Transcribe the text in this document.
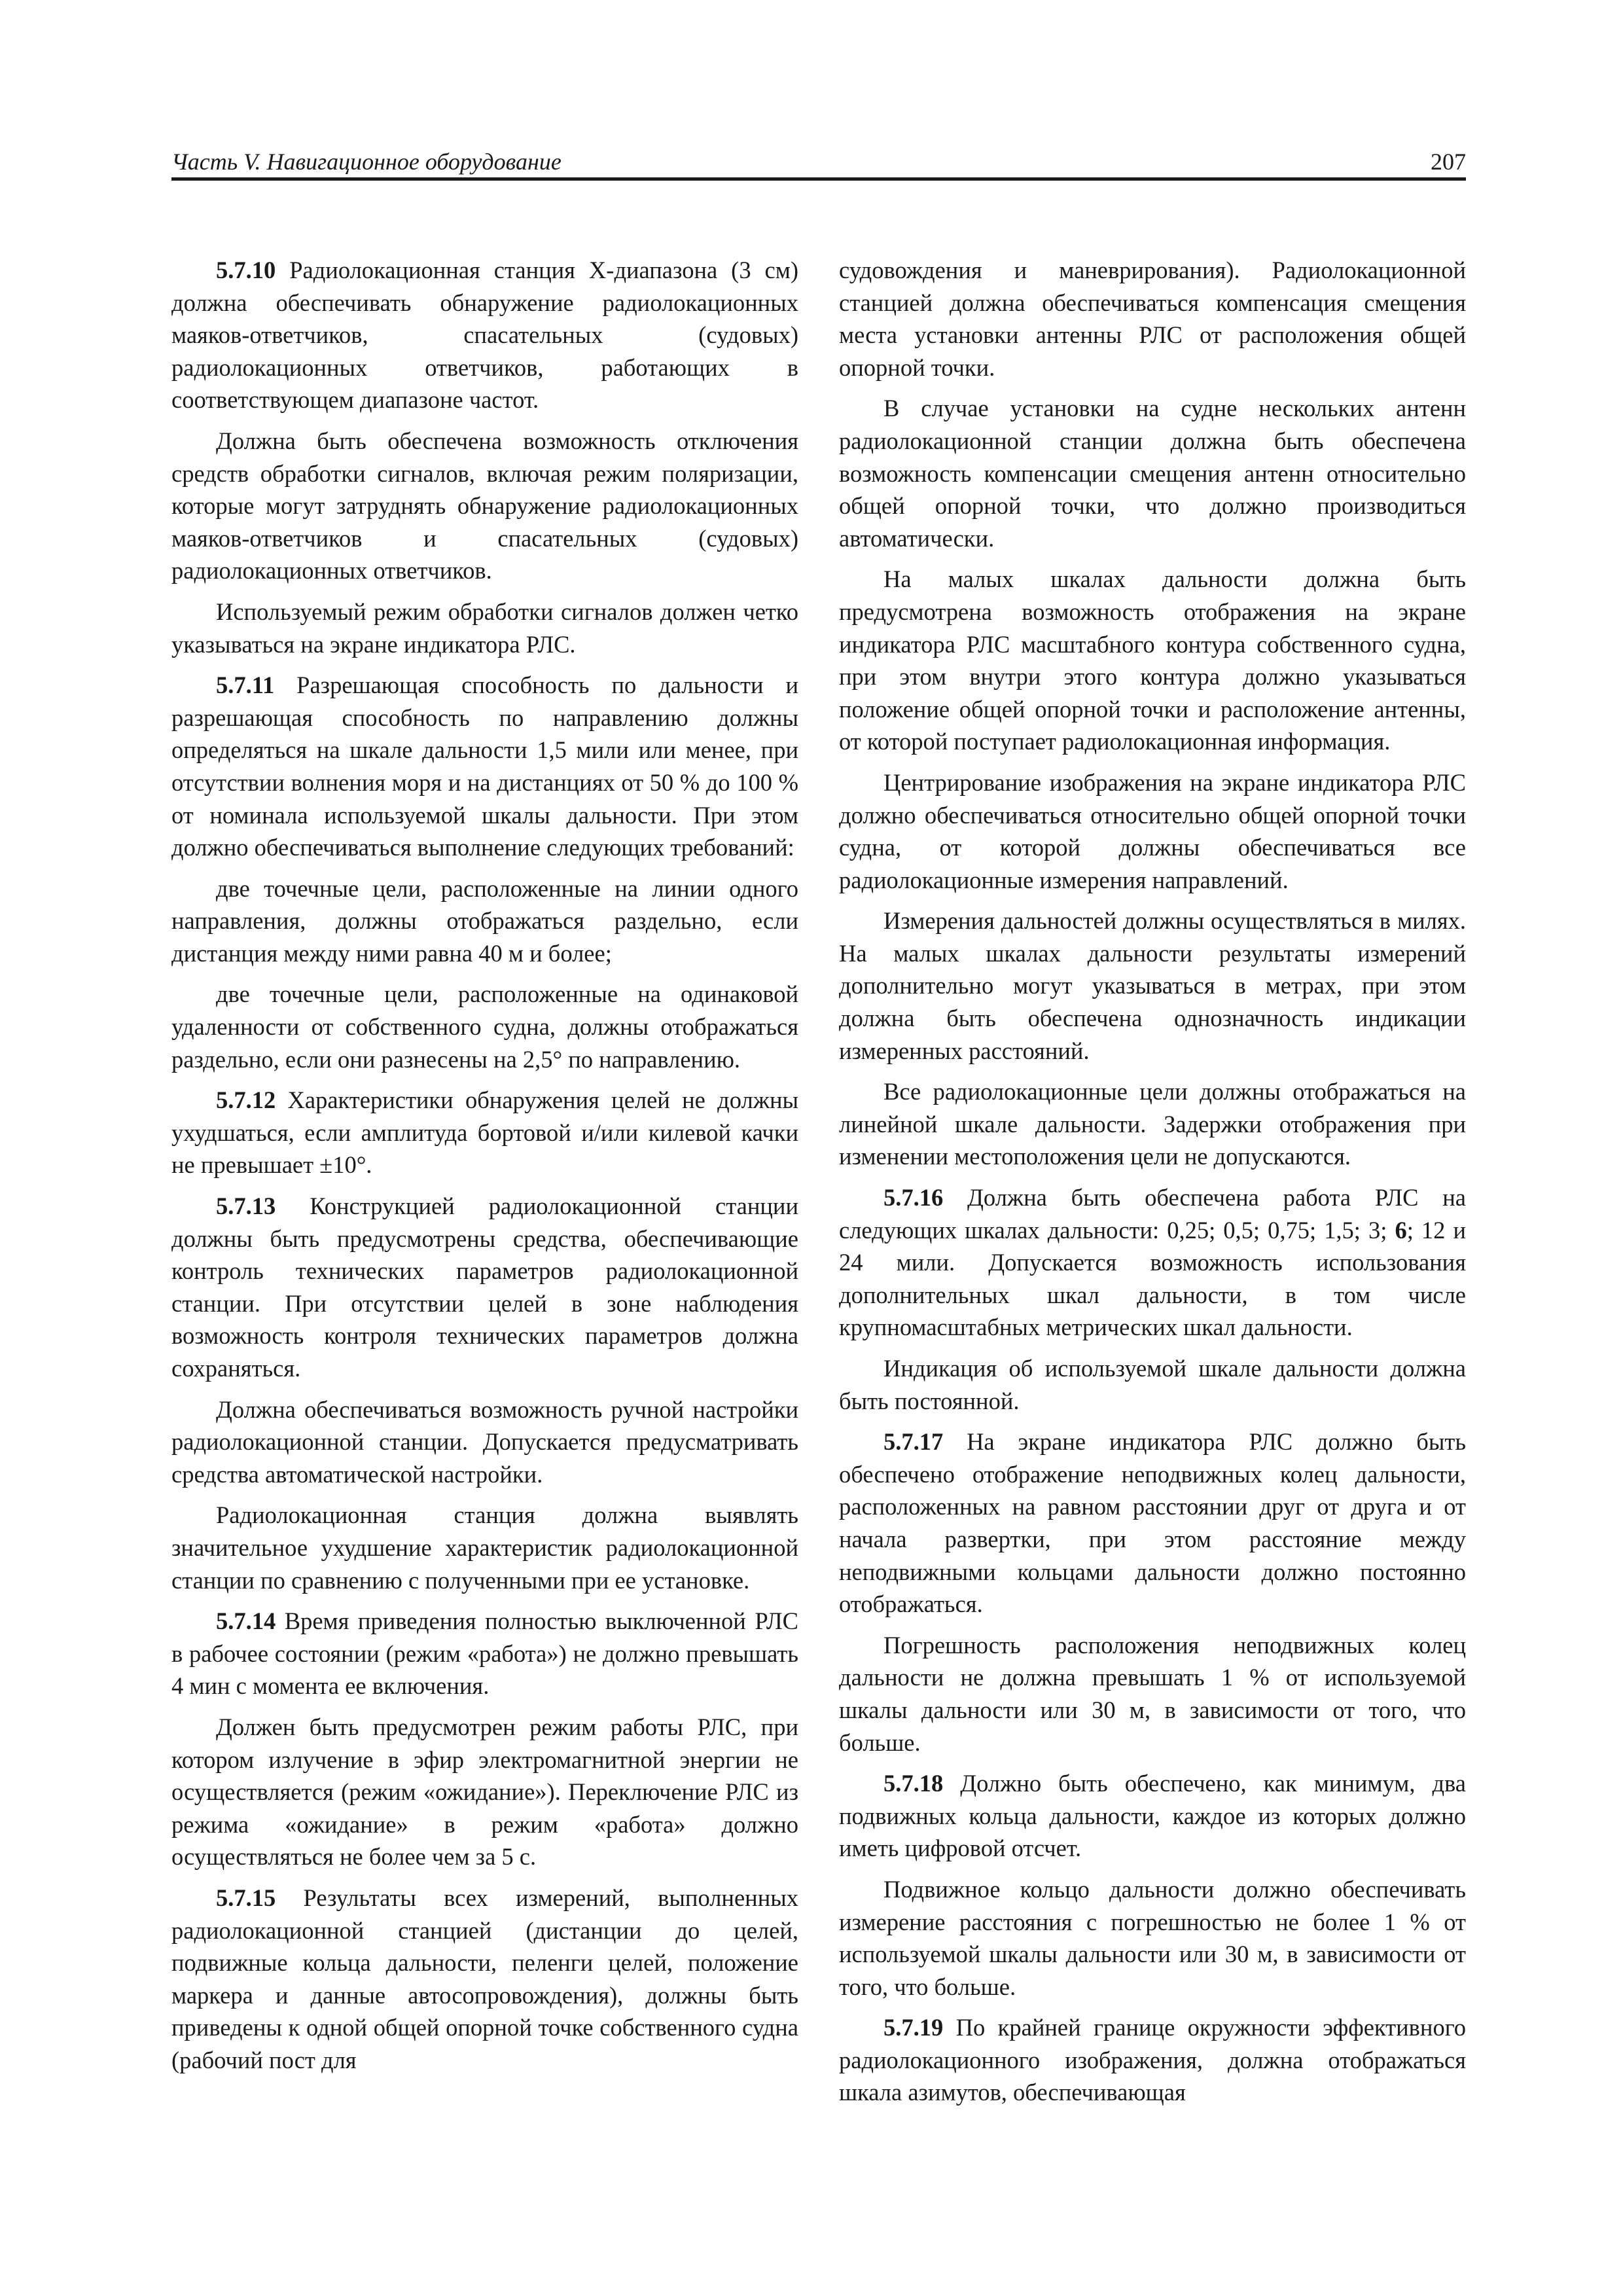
Часть V. Навигационное оборудование	207

5.7.10 Радиолокационная станция X-диапазона (3 см) должна обеспечивать обнаружение радиолокационных маяков-ответчиков, спасательных (судовых) радиолокационных ответчиков, работающих в соответствующем диапазоне частот.

Должна быть обеспечена возможность отключения средств обработки сигналов, включая режим поляризации, которые могут затруднять обнаружение радиолокационных маяков-ответчиков и спасательных (судовых) радиолокационных ответчиков.

Используемый режим обработки сигналов должен четко указываться на экране индикатора РЛС.

5.7.11 Разрешающая способность по дальности и разрешающая способность по направлению должны определяться на шкале дальности 1,5 мили или менее, при отсутствии волнения моря и на дистанциях от 50 % до 100 % от номинала используемой шкалы дальности. При этом должно обеспечиваться выполнение следующих требований:

две точечные цели, расположенные на линии одного направления, должны отображаться раздельно, если дистанция между ними равна 40 м и более;

две точечные цели, расположенные на одинаковой удаленности от собственного судна, должны отображаться раздельно, если они разнесены на 2,5° по направлению.

5.7.12 Характеристики обнаружения целей не должны ухудшаться, если амплитуда бортовой и/или килевой качки не превышает ±10°.

5.7.13 Конструкцией радиолокационной станции должны быть предусмотрены средства, обеспечивающие контроль технических параметров радиолокационной станции. При отсутствии целей в зоне наблюдения возможность контроля технических параметров должна сохраняться.

Должна обеспечиваться возможность ручной настройки радиолокационной станции. Допускается предусматривать средства автоматической настройки.

Радиолокационная станция должна выявлять значительное ухудшение характеристик радиолокационной станции по сравнению с полученными при ее установке.

5.7.14 Время приведения полностью выключенной РЛС в рабочее состоянии (режим «работа») не должно превышать 4 мин с момента ее включения.

Должен быть предусмотрен режим работы РЛС, при котором излучение в эфир электромагнитной энергии не осуществляется (режим «ожидание»). Переключение РЛС из режима «ожидание» в режим «работа» должно осуществляться не более чем за 5 с.

5.7.15 Результаты всех измерений, выполненных радиолокационной станцией (дистанции до целей, подвижные кольца дальности, пеленги целей, положение маркера и данные автосопровождения), должны быть приведены к одной общей опорной точке собственного судна (рабочий пост для

судовождения и маневрирования). Радиолокационной станцией должна обеспечиваться компенсация смещения места установки антенны РЛС от расположения общей опорной точки.

В случае установки на судне нескольких антенн радиолокационной станции должна быть обеспечена возможность компенсации смещения антенн относительно общей опорной точки, что должно производиться автоматически.

На малых шкалах дальности должна быть предусмотрена возможность отображения на экране индикатора РЛС масштабного контура собственного судна, при этом внутри этого контура должно указываться положение общей опорной точки и расположение антенны, от которой поступает радиолокационная информация.

Центрирование изображения на экране индикатора РЛС должно обеспечиваться относительно общей опорной точки судна, от которой должны обеспечиваться все радиолокационные измерения направлений.

Измерения дальностей должны осуществляться в милях. На малых шкалах дальности результаты измерений дополнительно могут указываться в метрах, при этом должна быть обеспечена однозначность индикации измеренных расстояний.

Все радиолокационные цели должны отображаться на линейной шкале дальности. Задержки отображения при изменении местоположения цели не допускаются.

5.7.16 Должна быть обеспечена работа РЛС на следующих шкалах дальности: 0,25; 0,5; 0,75; 1,5; 3; 6; 12 и 24 мили. Допускается возможность использования дополнительных шкал дальности, в том числе крупномасштабных метрических шкал дальности.

Индикация об используемой шкале дальности должна быть постоянной.

5.7.17 На экране индикатора РЛС должно быть обеспечено отображение неподвижных колец дальности, расположенных на равном расстоянии друг от друга и от начала развертки, при этом расстояние между неподвижными кольцами дальности должно постоянно отображаться.

Погрешность расположения неподвижных колец дальности не должна превышать 1 % от используемой шкалы дальности или 30 м, в зависимости от того, что больше.

5.7.18 Должно быть обеспечено, как минимум, два подвижных кольца дальности, каждое из которых должно иметь цифровой отсчет.

Подвижное кольцо дальности должно обеспечивать измерение расстояния с погрешностью не более 1 % от используемой шкалы дальности или 30 м, в зависимости от того, что больше.

5.7.19 По крайней границе окружности эффективного радиолокационного изображения, должна отображаться шкала азимутов, обеспечивающая
